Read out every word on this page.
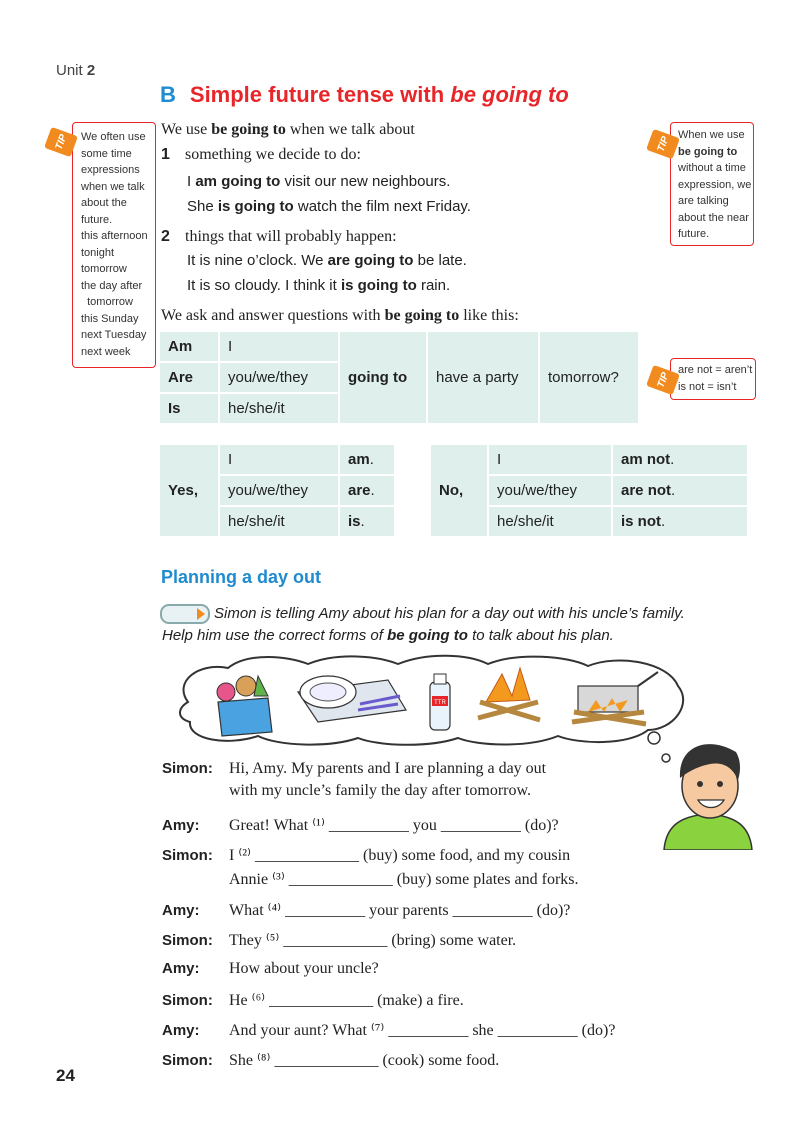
Unit 2
B Simple future tense with be going to
We use be going to when we talk about
1 something we decide to do:
I am going to visit our new neighbours.
She is going to watch the film next Friday.
2 things that will probably happen:
It is nine o’clock. We are going to be late.
It is so cloudy. I think it is going to rain.
We ask and answer questions with be going to like this:
We often use
some time
expressions
when we talk
about the
future.
this afternoon
tonight
tomorrow
the day after
tomorrow
this Sunday
next Tuesday
next week
TIP	When we use
be going to
without a time
expression, we
are talking
about the near
future.
TIP
are not = aren’t
is not = isn’t
TIP
Am	I	going to	have a party	tomorrow?
Are	you/we/they			
Is	he/she/it			
Yes,	I	am.
	you/we/they	are.
	he/she/it	is.
No,	I	am not.
	you/we/they	are not.
	he/she/it	is not.
Planning a day out
Simon is telling Amy about his plan for a day out with his uncle’s family.
Help him use the correct forms of be going to to talk about his plan.
TTR
Simon: Hi, Amy. My parents and I are planning a day out
with my uncle’s family the day after tomorrow.
Amy: Great! What ⁽¹⁾ __________ you __________ (do)?
Simon: I ⁽²⁾ _____________ (buy) some food, and my cousin
Annie ⁽³⁾ _____________ (buy) some plates and forks.
Amy: What ⁽⁴⁾ __________ your parents __________ (do)?
Simon: They ⁽⁵⁾ _____________ (bring) some water.
Amy: How about your uncle?
Simon: He ⁽⁶⁾ _____________ (make) a fire.
Amy: And your aunt? What ⁽⁷⁾ __________ she __________ (do)?
Simon: She ⁽⁸⁾ _____________ (cook) some food.
24
